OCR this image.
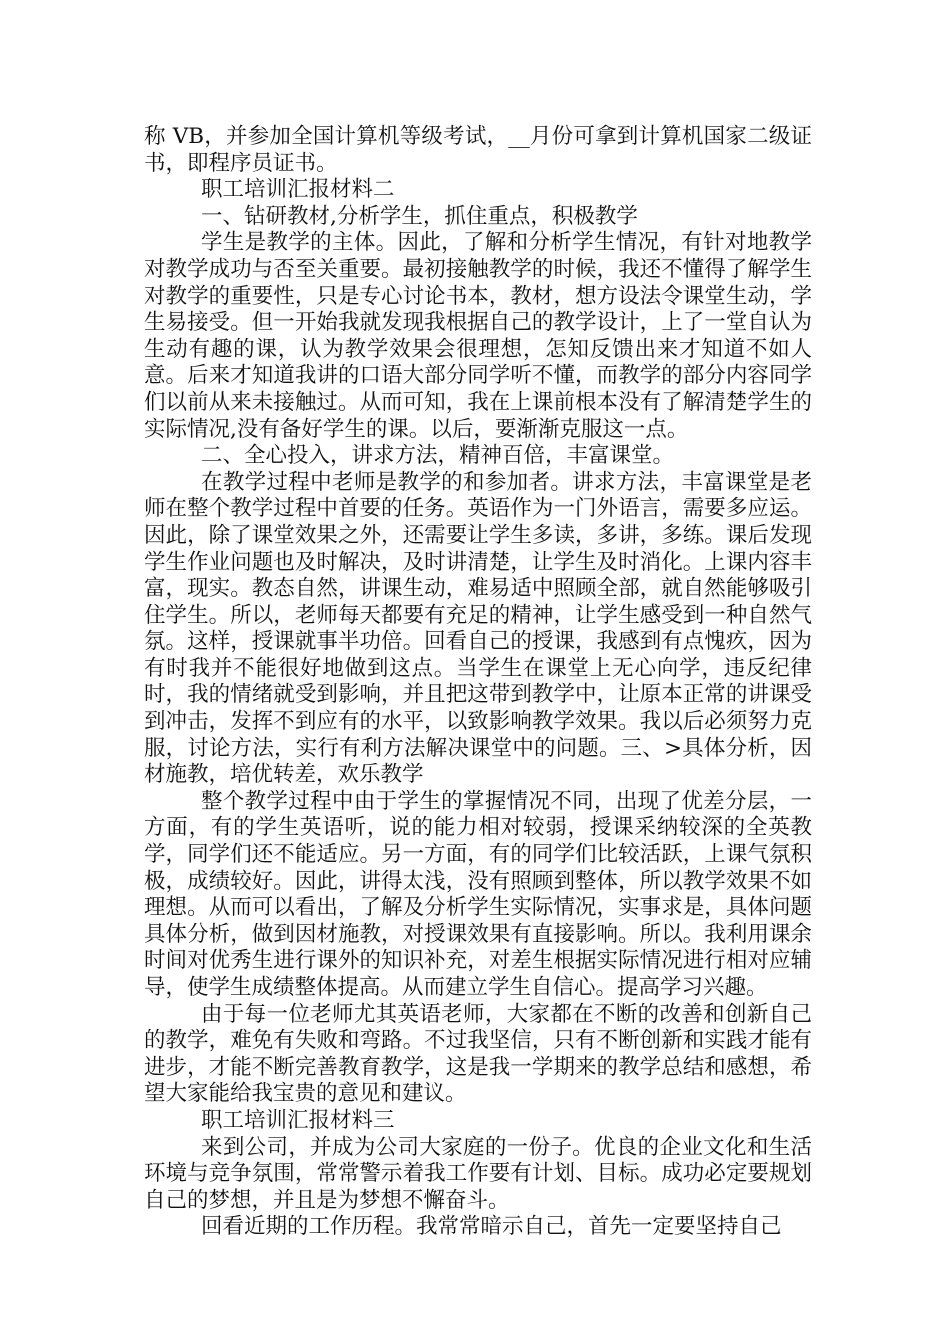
称 VB，并参加全国计算机等级考试，__月份可拿到计算机国家二级证书，即程序员证书。

职工培训汇报材料二

一、钻研教材,分析学生，抓住重点，积极教学

学生是教学的主体。因此，了解和分析学生情况，有针对地教学对教学成功与否至关重要。最初接触教学的时候，我还不懂得了解学生对教学的重要性，只是专心讨论书本，教材，想方设法令课堂生动，学生易接受。但一开始我就发现我根据自己的教学设计，上了一堂自认为生动有趣的课，认为教学效果会很理想，怎知反馈出来才知道不如人意。后来才知道我讲的口语大部分同学听不懂，而教学的部分内容同学们以前从来未接触过。从而可知，我在上课前根本没有了解清楚学生的实际情况,没有备好学生的课。以后，要渐渐克服这一点。

二、全心投入，讲求方法，精神百倍，丰富课堂。

在教学过程中老师是教学的和参加者。讲求方法，丰富课堂是老师在整个教学过程中首要的任务。英语作为一门外语言，需要多应运。因此，除了课堂效果之外，还需要让学生多读，多讲，多练。课后发现学生作业问题也及时解决，及时讲清楚，让学生及时消化。上课内容丰富，现实。教态自然，讲课生动，难易适中照顾全部，就自然能够吸引住学生。所以，老师每天都要有充足的精神，让学生感受到一种自然气氛。这样，授课就事半功倍。回看自己的授课，我感到有点愧疚，因为有时我并不能很好地做到这点。当学生在课堂上无心向学，违反纪律时，我的情绪就受到影响，并且把这带到教学中，让原本正常的讲课受到冲击，发挥不到应有的水平，以致影响教学效果。我以后必须努力克服，讨论方法，实行有利方法解决课堂中的问题。三、>具体分析，因材施教，培优转差，欢乐教学

整个教学过程中由于学生的掌握情况不同，出现了优差分层，一方面，有的学生英语听，说的能力相对较弱，授课采纳较深的全英教学，同学们还不能适应。另一方面，有的同学们比较活跃，上课气氛积极，成绩较好。因此，讲得太浅，没有照顾到整体，所以教学效果不如理想。从而可以看出，了解及分析学生实际情况，实事求是，具体问题具体分析，做到因材施教，对授课效果有直接影响。所以。我利用课余时间对优秀生进行课外的知识补充，对差生根据实际情况进行相对应辅导，使学生成绩整体提高。从而建立学生自信心。提高学习兴趣。

由于每一位老师尤其英语老师，大家都在不断的改善和创新自己的教学，难免有失败和弯路。不过我坚信，只有不断创新和实践才能有进步，才能不断完善教育教学，这是我一学期来的教学总结和感想，希望大家能给我宝贵的意见和建议。

职工培训汇报材料三

来到公司，并成为公司大家庭的一份子。优良的企业文化和生活环境与竞争氛围，常常警示着我工作要有计划、目标。成功必定要规划自己的梦想，并且是为梦想不懈奋斗。

回看近期的工作历程。我常常暗示自己，首先一定要坚持自己
